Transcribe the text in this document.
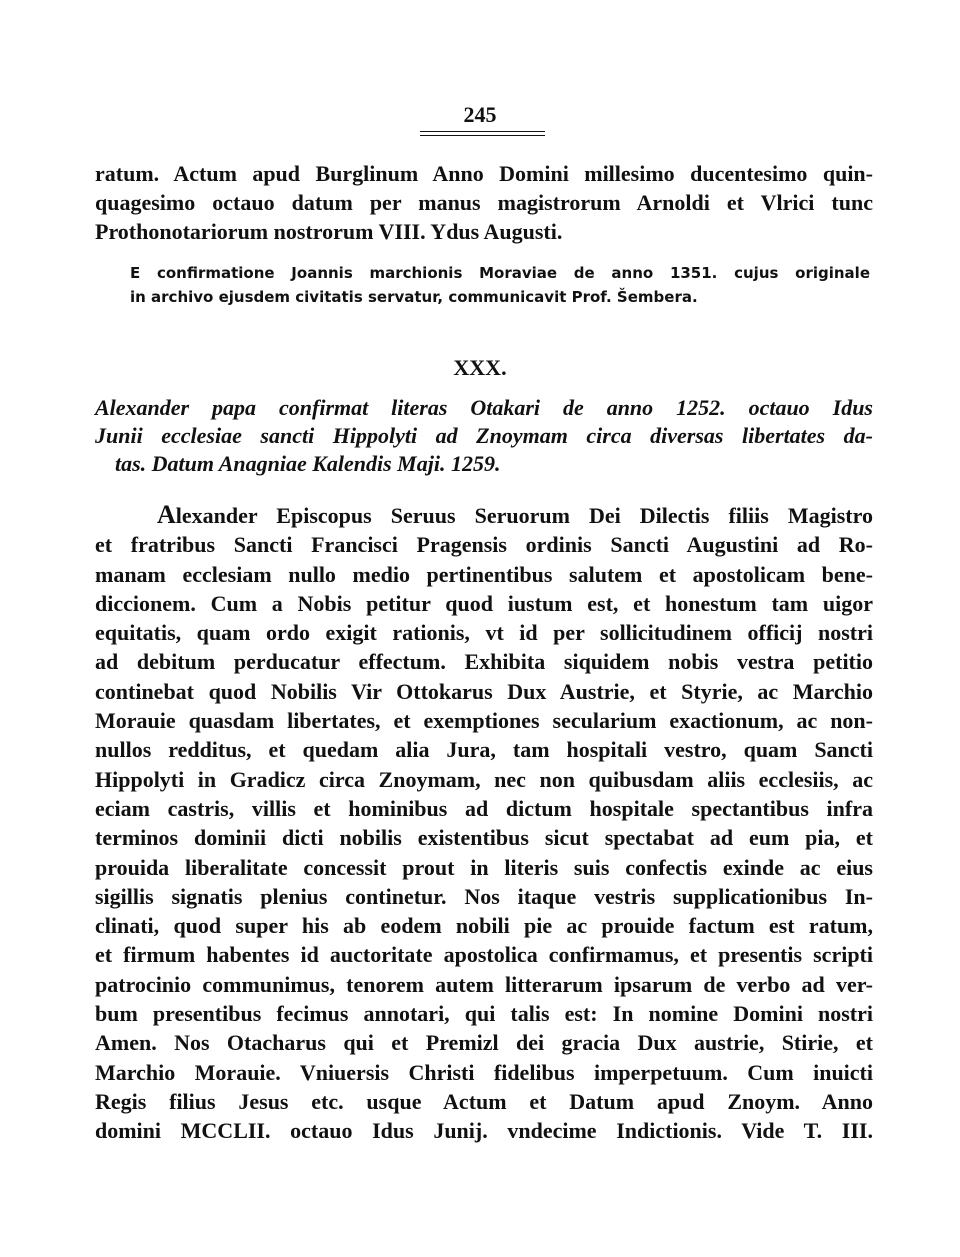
245
ratum. Actum apud Burglinum Anno Domini millesimo ducentesimo quin-
quagesimo octauo datum per manus magistrorum Arnoldi et Vlrici tunc
Prothonotariorum nostrorum VIII. Ydus Augusti.
E confirmatione Joannis marchionis Moraviae de anno 1351. cujus originale
in archivo ejusdem civitatis servatur, communicavit Prof. Šembera.
XXX.
Alexander papa confirmat literas Otakari de anno 1252. octauo Idus
Junii ecclesiae sancti Hippolyti ad Znoymam circa diversas libertates da-
tas. Datum Anagniae Kalendis Maji. 1259.
Alexander Episcopus Seruus Seruorum Dei Dilectis filiis Magistro
et fratribus Sancti Francisci Pragensis ordinis Sancti Augustini ad Ro-
manam ecclesiam nullo medio pertinentibus salutem et apostolicam bene-
diccionem. Cum a Nobis petitur quod iustum est, et honestum tam uigor
equitatis, quam ordo exigit rationis, vt id per sollicitudinem officij nostri
ad debitum perducatur effectum. Exhibita siquidem nobis vestra petitio
continebat quod Nobilis Vir Ottokarus Dux Austrie, et Styrie, ac Marchio
Morauie quasdam libertates, et exemptiones secularium exactionum, ac non-
nullos redditus, et quedam alia Jura, tam hospitali vestro, quam Sancti
Hippolyti in Gradicz circa Znoymam, nec non quibusdam aliis ecclesiis, ac
eciam castris, villis et hominibus ad dictum hospitale spectantibus infra
terminos dominii dicti nobilis existentibus sicut spectabat ad eum pia, et
prouida liberalitate concessit prout in literis suis confectis exinde ac eius
sigillis signatis plenius continetur. Nos itaque vestris supplicationibus In-
clinati, quod super his ab eodem nobili pie ac prouide factum est ratum,
et firmum habentes id auctoritate apostolica confirmamus, et presentis scripti
patrocinio communimus, tenorem autem litterarum ipsarum de verbo ad ver-
bum presentibus fecimus annotari, qui talis est: In nomine Domini nostri
Amen. Nos Otacharus qui et Premizl dei gracia Dux austrie, Stirie, et
Marchio Morauie. Vniuersis Christi fidelibus imperpetuum. Cum inuicti
Regis filius Jesus etc. usque Actum et Datum apud Znoym. Anno
domini MCCLII. octauo Idus Junij. vndecime Indictionis. Vide T. III.
